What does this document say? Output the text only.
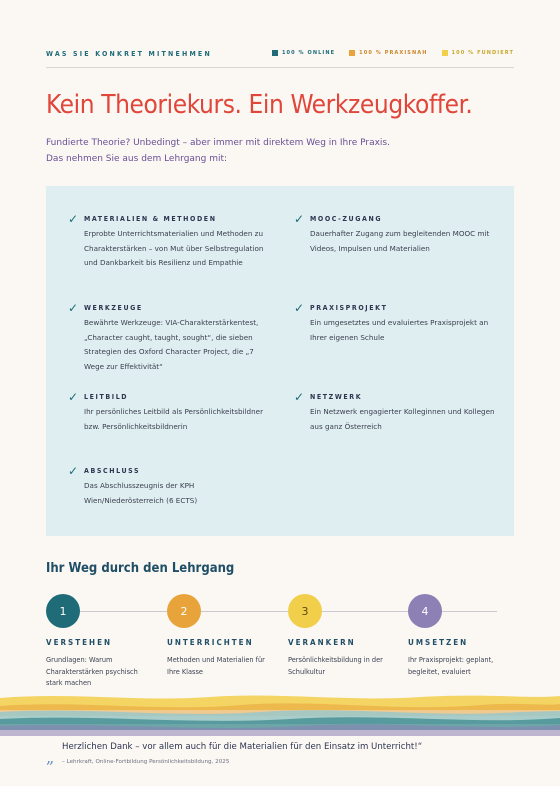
WAS SIE KONKRET MITNEHMEN	100 % ONLINE	100 % PRAXISNAH	100 % FUNDIERT
Kein Theoriekurs. Ein Werkzeugkoffer.
Fundierte Theorie? Unbedingt – aber immer mit direktem Weg in Ihre Praxis.
Das nehmen Sie aus dem Lehrgang mit:
✓ MATERIALIEN & METHODEN
Erprobte Unterrichtsmaterialien und Methoden zu Charakterstärken – von Mut über Selbstregulation und Dankbarkeit bis Resilienz und Empathie
✓ MOOC-ZUGANG
Dauerhafter Zugang zum begleitenden MOOC mit Videos, Impulsen und Materialien
✓ WERKZEUGE
Bewährte Werkzeuge: VIA-Charakterstärkentest, „Character caught, taught, sought“, die sieben Strategien des Oxford Character Project, die „7 Wege zur Effektivität“
✓ PRAXISPROJEKT
Ein umgesetztes und evaluiertes Praxisprojekt an Ihrer eigenen Schule
✓ LEITBILD
Ihr persönliches Leitbild als Persönlichkeitsbildner bzw. Persönlichkeitsbildnerin
✓ NETZWERK
Ein Netzwerk engagierter Kolleginnen und Kollegen aus ganz Österreich
✓ ABSCHLUSS
Das Abschlusszeugnis der KPH Wien/Niederösterreich (6 ECTS)
Ihr Weg durch den Lehrgang
1
VERSTEHEN
Grundlagen: Warum Charakterstärken psychisch stark machen
2
UNTERRICHTEN
Methoden und Materialien für Ihre Klasse
3
VERANKERN
Persönlichkeitsbildung in der Schulkultur
4
UMSETZEN
Ihr Praxisprojekt: geplant, begleitet, evaluiert
„
Herzlichen Dank – vor allem auch für die Materialien für den Einsatz im Unterricht!“
– Lehrkraft, Online-Fortbildung Persönlichkeitsbildung, 2025
